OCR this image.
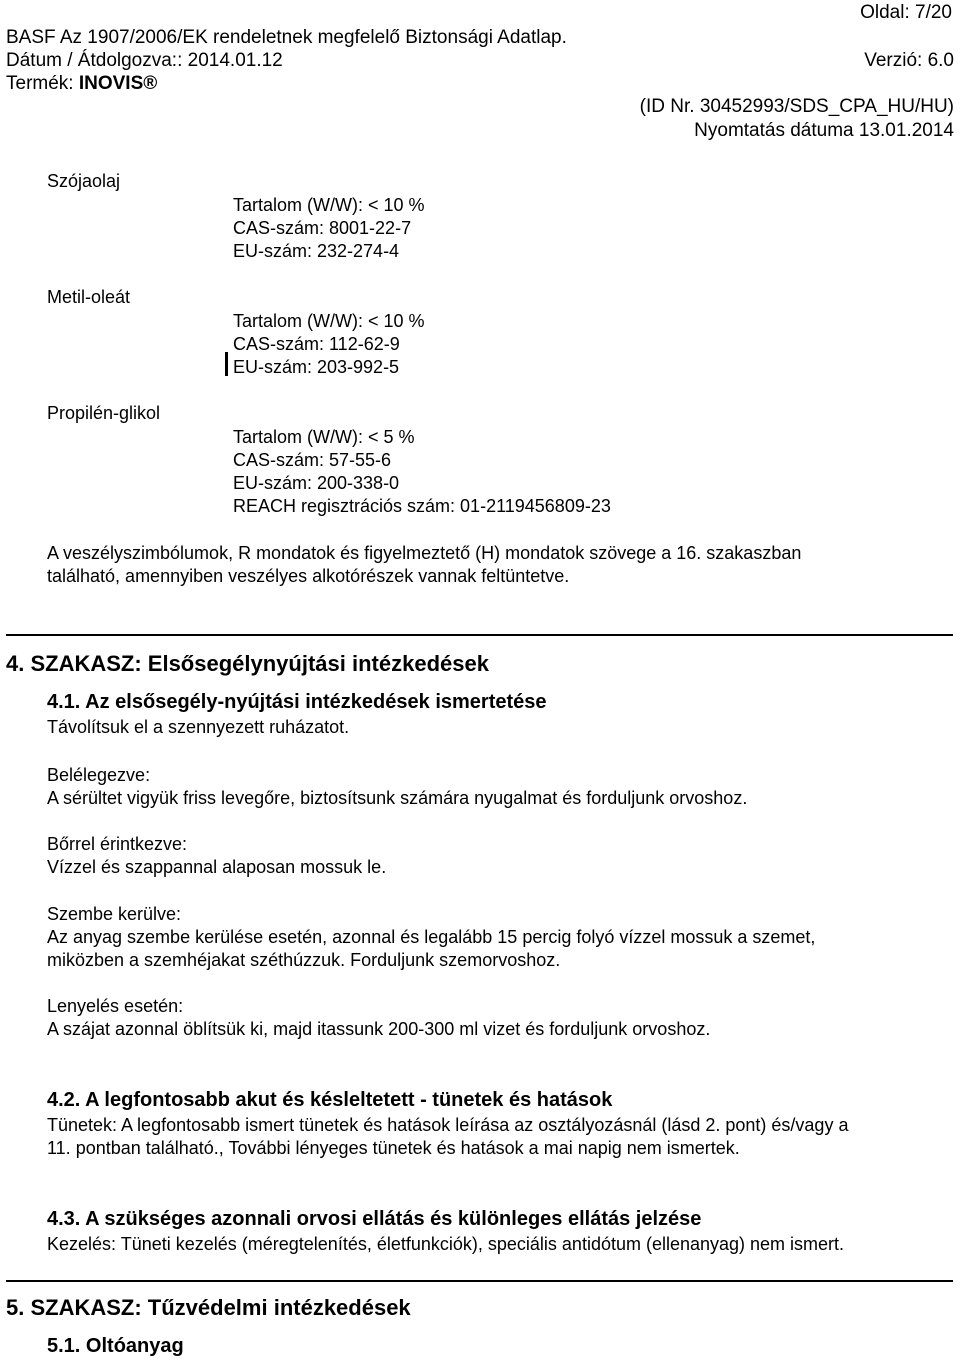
Oldal: 7/20
BASF Az 1907/2006/EK rendeletnek megfelelő Biztonsági Adatlap.
Dátum / Átdolgozva:: 2014.01.12	Verzió: 6.0
Termék: INOVIS®
(ID Nr. 30452993/SDS_CPA_HU/HU)
Nyomtatás dátuma 13.01.2014
Szójaolaj
Tartalom (W/W): < 10 %
CAS-szám: 8001-22-7
EU-szám: 232-274-4
Metil-oleát
Tartalom (W/W): < 10 %
CAS-szám: 112-62-9
EU-szám: 203-992-5
Propilén-glikol
Tartalom (W/W): < 5 %
CAS-szám: 57-55-6
EU-szám: 200-338-0
REACH regisztrációs szám: 01-2119456809-23
A veszélyszimbólumok, R mondatok és figyelmeztető (H) mondatok szövege a 16. szakaszban
található, amennyiben veszélyes alkotórészek vannak feltüntetve.
4. SZAKASZ: Elsősegélynyújtási intézkedések
4.1. Az elsősegély-nyújtási intézkedések ismertetése
Távolítsuk el a szennyezett ruházatot.
Belélegezve:
A sérültet vigyük friss levegőre, biztosítsunk számára nyugalmat és forduljunk orvoshoz.
Bőrrel érintkezve:
Vízzel és szappannal alaposan mossuk le.
Szembe kerülve:
Az anyag szembe kerülése esetén, azonnal és legalább 15 percig folyó vízzel mossuk a szemet,
miközben a szemhéjakat széthúzzuk. Forduljunk szemorvoshoz.
Lenyelés esetén:
A szájat azonnal öblítsük ki, majd itassunk 200-300 ml vizet és forduljunk orvoshoz.
4.2. A legfontosabb akut és késleltetett - tünetek és hatások
Tünetek: A legfontosabb ismert tünetek és hatások leírása az osztályozásnál (lásd 2. pont) és/vagy a
11. pontban található., További lényeges tünetek és hatások a mai napig nem ismertek.
4.3. A szükséges azonnali orvosi ellátás és különleges ellátás jelzése
Kezelés: Tüneti kezelés (méregtelenítés, életfunkciók), speciális antidótum (ellenanyag) nem ismert.
5. SZAKASZ: Tűzvédelmi intézkedések
5.1. Oltóanyag
